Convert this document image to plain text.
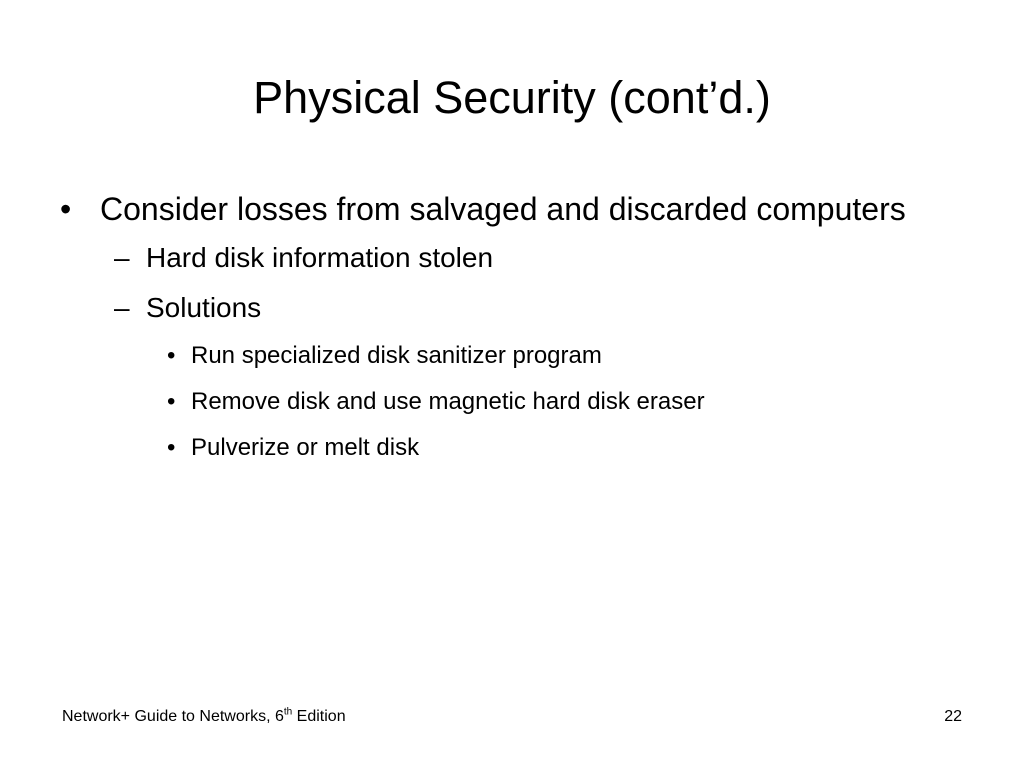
Physical Security (cont’d.)
• Consider losses from salvaged and discarded computers
– Hard disk information stolen
– Solutions
• Run specialized disk sanitizer program
• Remove disk and use magnetic hard disk eraser
• Pulverize or melt disk
Network+ Guide to Networks, 6th Edition	22
